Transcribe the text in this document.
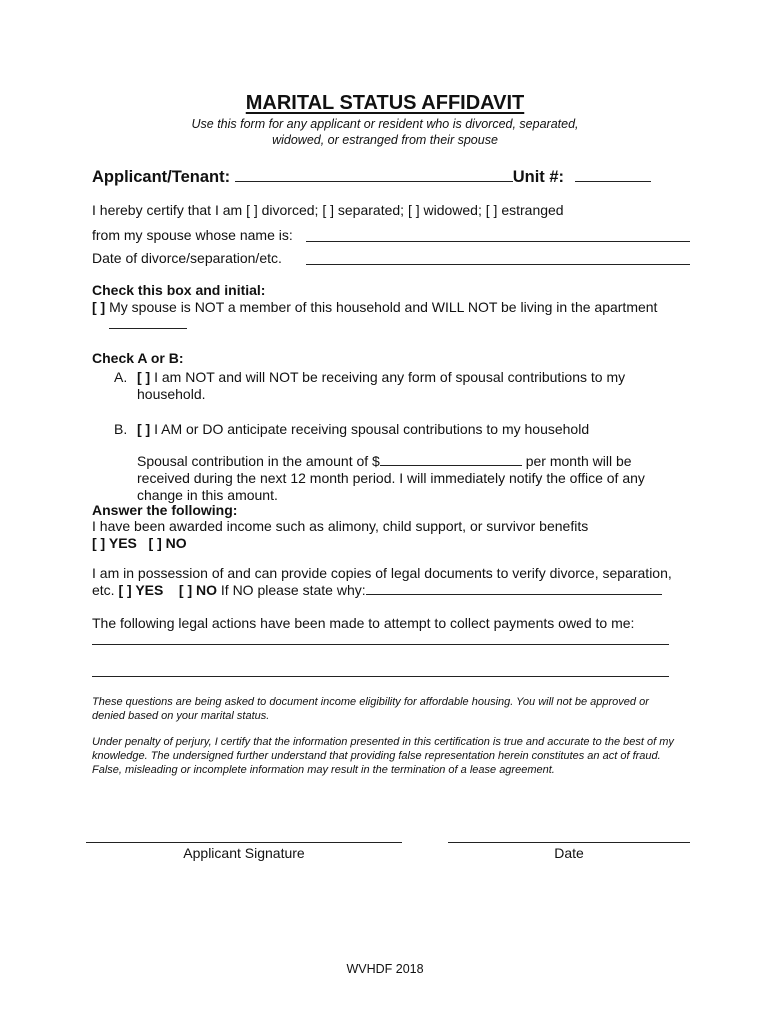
MARITAL STATUS AFFIDAVIT
Use this form for any applicant or resident who is divorced, separated,
widowed, or estranged from their spouse
Applicant/Tenant:	Unit #:
I hereby certify that I am [ ] divorced; [ ] separated; [ ] widowed; [ ] estranged
from my spouse whose name is:
Date of divorce/separation/etc.
Check this box and initial:
[ ] My spouse is NOT a member of this household and WILL NOT be living in the apartment
Check A or B:
A. [ ] I am NOT and will NOT be receiving any form of spousal contributions to my
household.
B. [ ] I AM or DO anticipate receiving spousal contributions to my household
Spousal contribution in the amount of $	per month will be
received during the next 12 month period. I will immediately notify the office of any
change in this amount.
Answer the following:
I have been awarded income such as alimony, child support, or survivor benefits
[ ] YES [ ] NO
I am in possession of and can provide copies of legal documents to verify divorce, separation,
etc. [ ] YES [ ] NO If NO please state why:
The following legal actions have been made to attempt to collect payments owed to me:
These questions are being asked to document income eligibility for affordable housing. You will not be approved or denied based on your marital status.
Under penalty of perjury, I certify that the information presented in this certification is true and accurate to the best of my knowledge. The undersigned further understand that providing false representation herein constitutes an act of fraud. False, misleading or incomplete information may result in the termination of a lease agreement.
Applicant Signature	Date
WVHDF 2018
